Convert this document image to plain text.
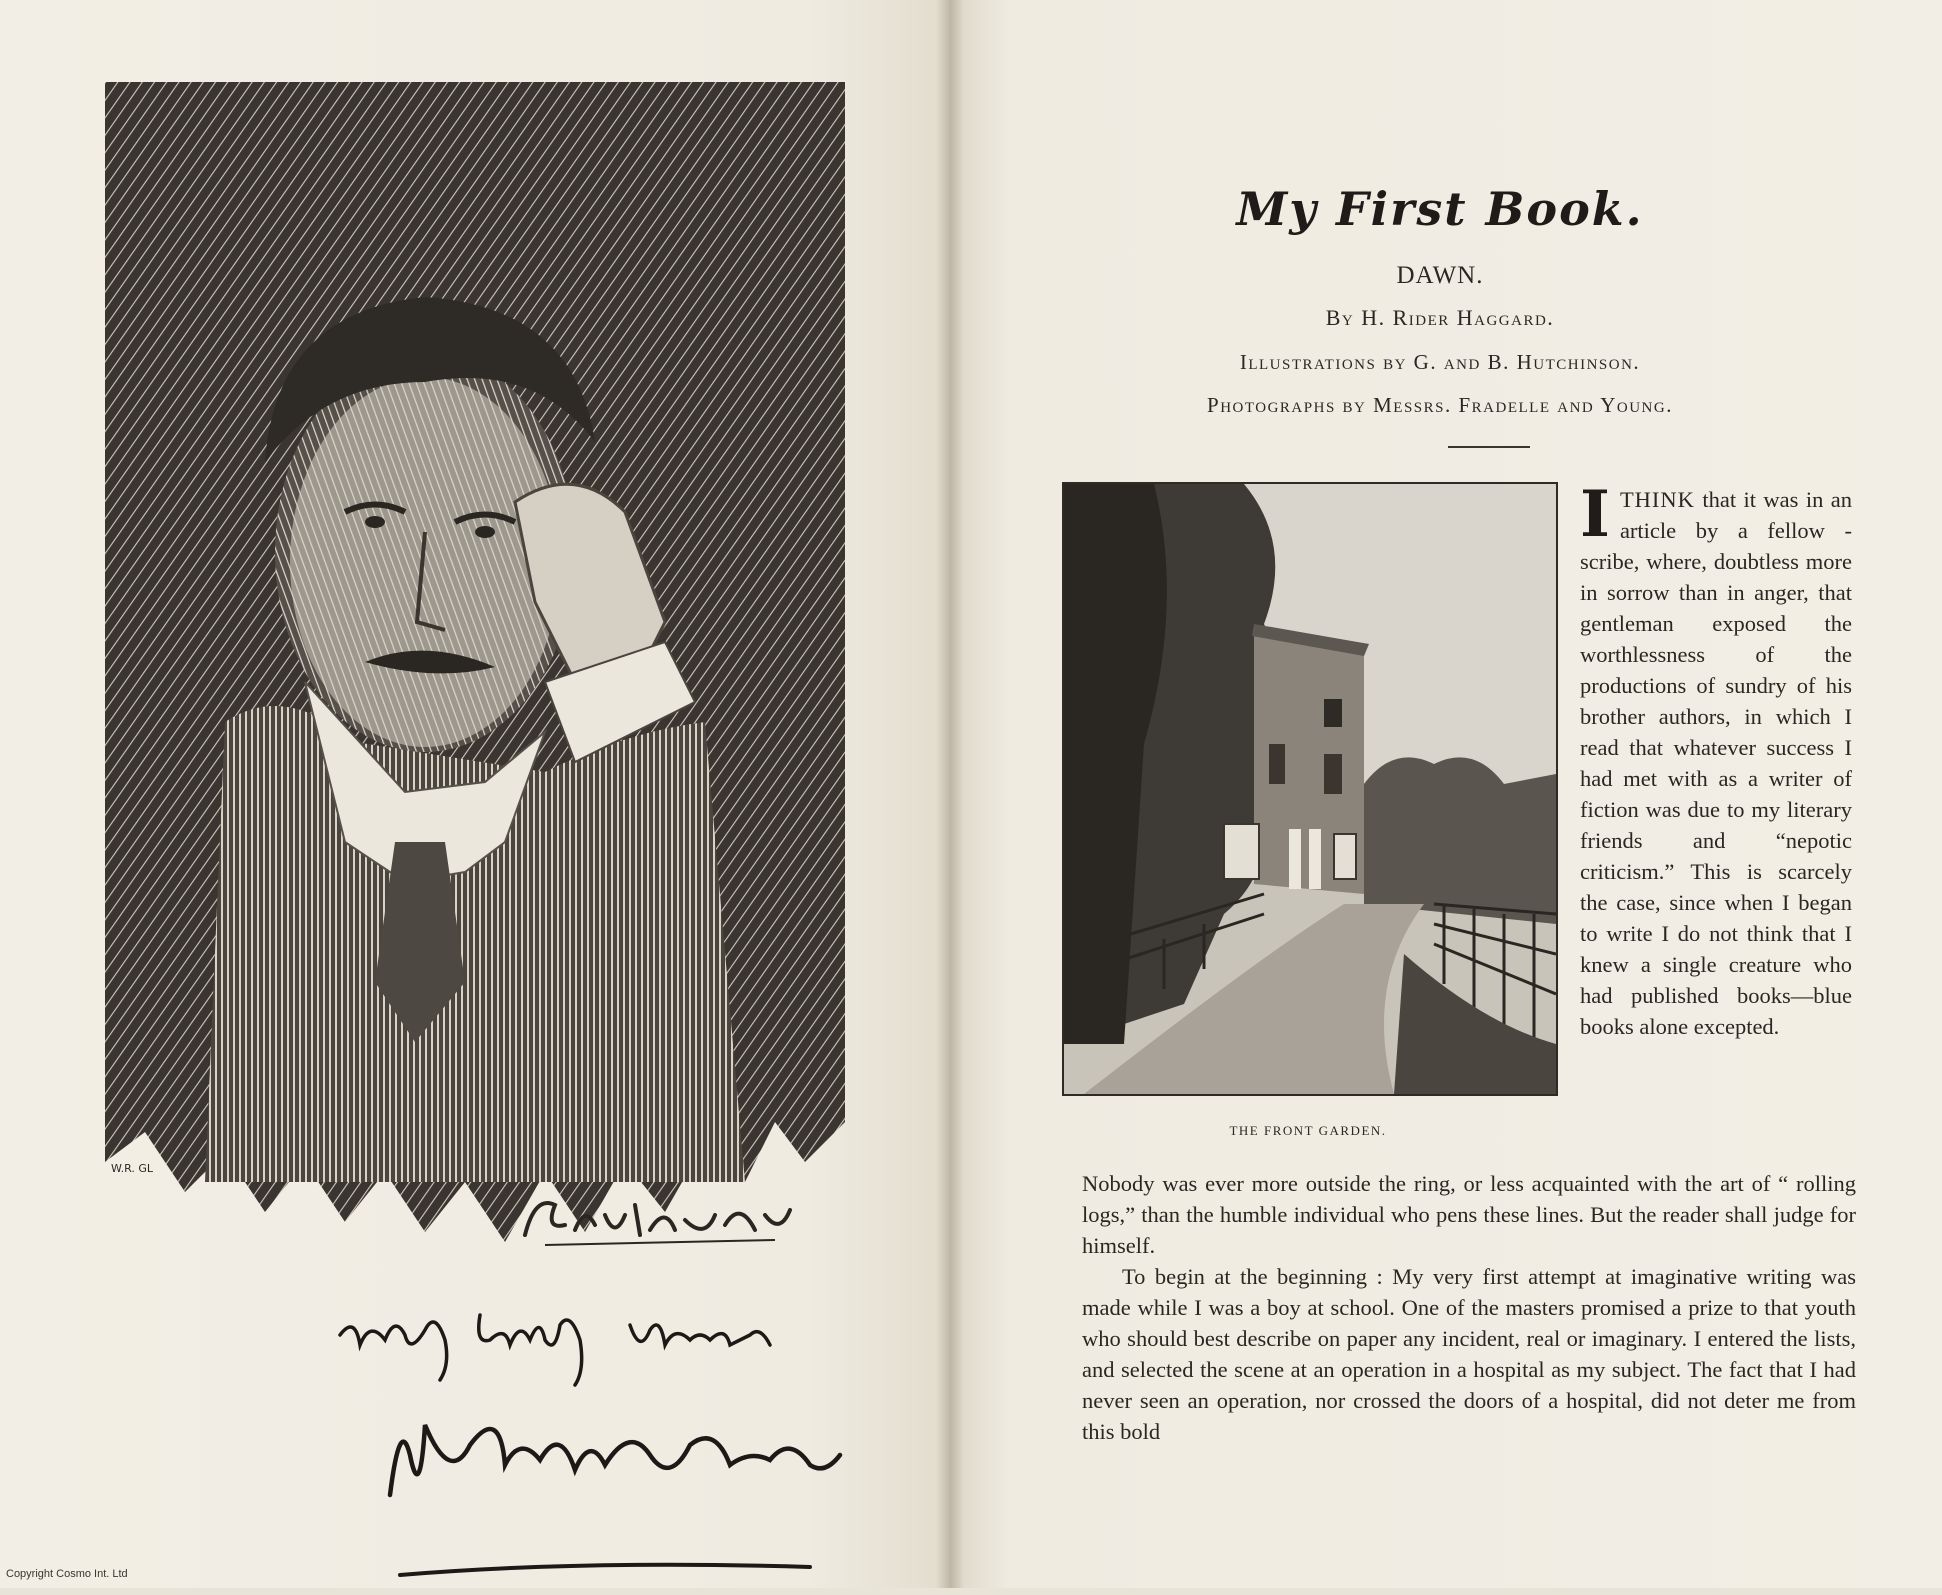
W.R. GL
My First Book.
DAWN.
By H. Rider Haggard.
Illustrations by G. and B. Hutchinson.
Photographs by Messrs. Fradelle and Young.
THE FRONT GARDEN.

ITHINK that it was in an article by a fellow - scribe, where, doubtless more in sorrow than in anger, that gentleman exposed the worthlessness of the productions of sundry of his brother authors, in which I read that whatever success I had met with as a writer of fiction was due to my literary friends and “nepotic criticism.” This is scarcely the case, since when I began to write I do not think that I knew a single creature who had published books—blue books alone excepted.

Nobody was ever more outside the ring, or less acquainted with the art of “ rolling logs,” than the humble individual who pens these lines. But the reader shall judge for himself.

To begin at the beginning : My very first attempt at imaginative writing was made while I was a boy at school. One of the masters promised a prize to that youth who should best describe on paper any incident, real or imaginary. I entered the lists, and selected the scene at an operation in a hospital as my subject. The fact that I had never seen an operation, nor crossed the doors of a hospital, did not deter me from this bold

Copyright Cosmo Int. Ltd
